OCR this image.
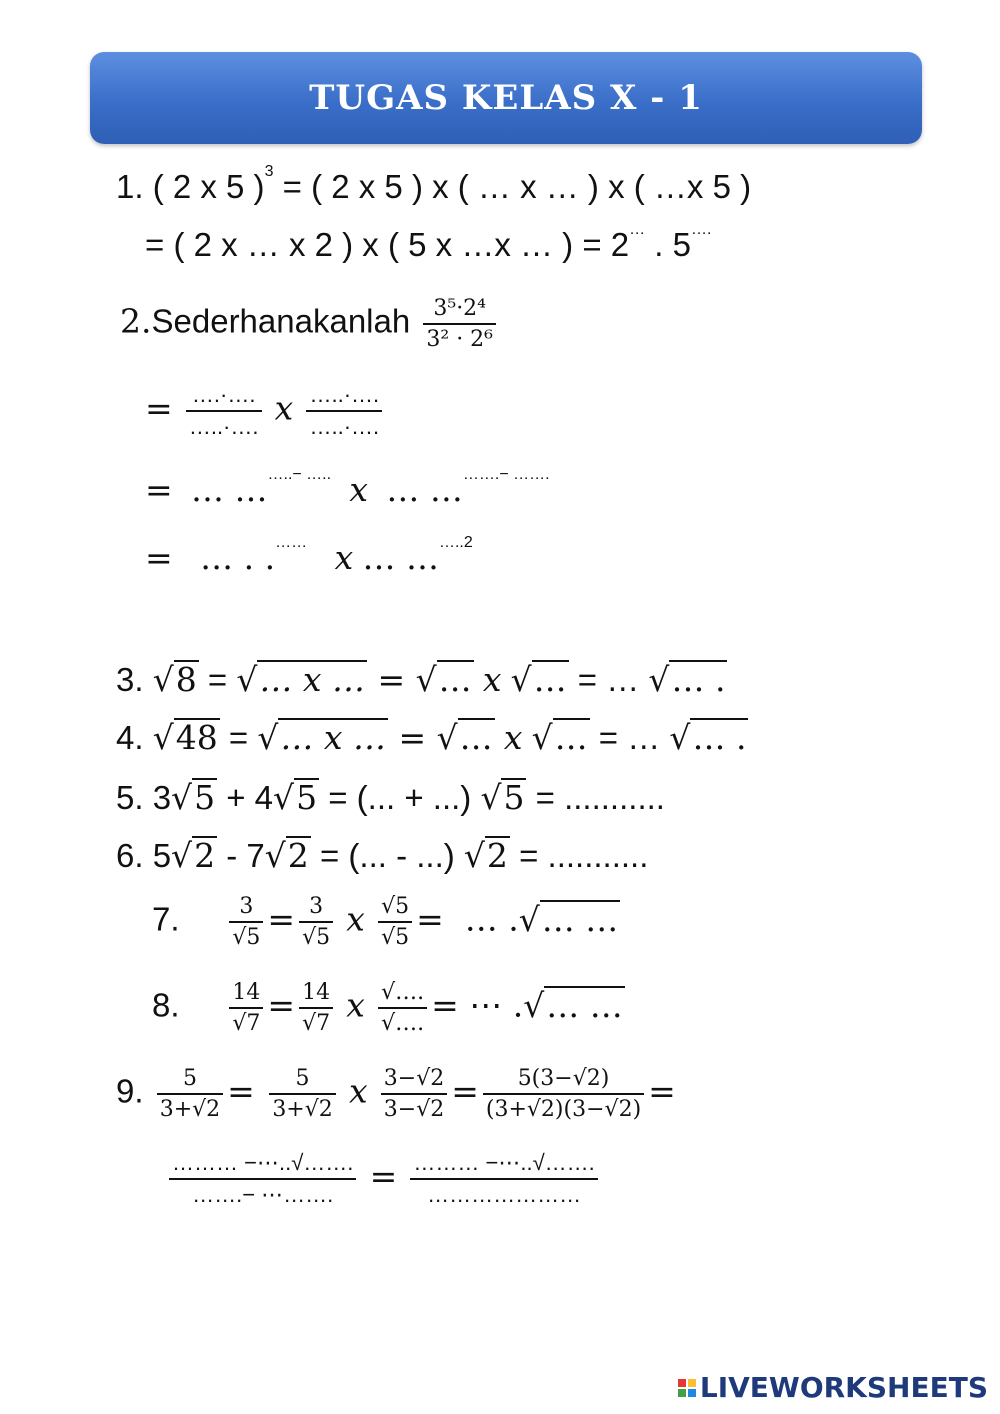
TUGAS KELAS X - 1
1. ( 2 x 5 )$^3$ = ( 2 x 5 ) x ( … x … ) x ( …x 5 )
= ( 2 x … x 2 ) x ( 5 x …x … ) = 2… . 5….
2.Sederhanakanlah $\frac{\text{3⁵·2⁴}}{\text{3² · 2⁶}}$
= $\frac{\dots.\cdot\dots.}{\dots..\cdot\dots.}$ x $\frac{\dots..\cdot\dots.}{\dots..\cdot\dots.}$
= … ……..− ….. x … ……….− …….
= … . .…… x … …$^{\dots..2}$
3. √8 = √… x … = √… x √… = … √… .
4. √48 = √… x … = √… x √… = … √… .
5. 3√5 + 4√5 = (... + ...) √5 = ...........
6. 5√2 - 7√2 = (... - ...) √2 = ...........
7. $\frac{3}{√5} = \frac{3}{√5}$ x $\frac{√5}{√5}$ =  … .√… …
8. $\frac{14}{√7} = \frac{14}{√7}$ x $\frac{√\dots.}{√\dots.}$ = ⋯ .√… …
9. $\frac{5}{3+√2} = \frac{5}{3+√2}$ x $\frac{3-√2}{3-√2} = \frac{5(3-√2)}{(3+√2)(3-√2)}$ =
$\frac{\dots\dots\dots -\cdots..√\dots\dots.}{\dots\dots.- \cdots\dots\dots.} = \frac{\dots\dots\dots -\cdots..√\dots\dots.}{\dots\dots\dots\dots\dots\dots\dots}$
LIVEWORKSHEETS
